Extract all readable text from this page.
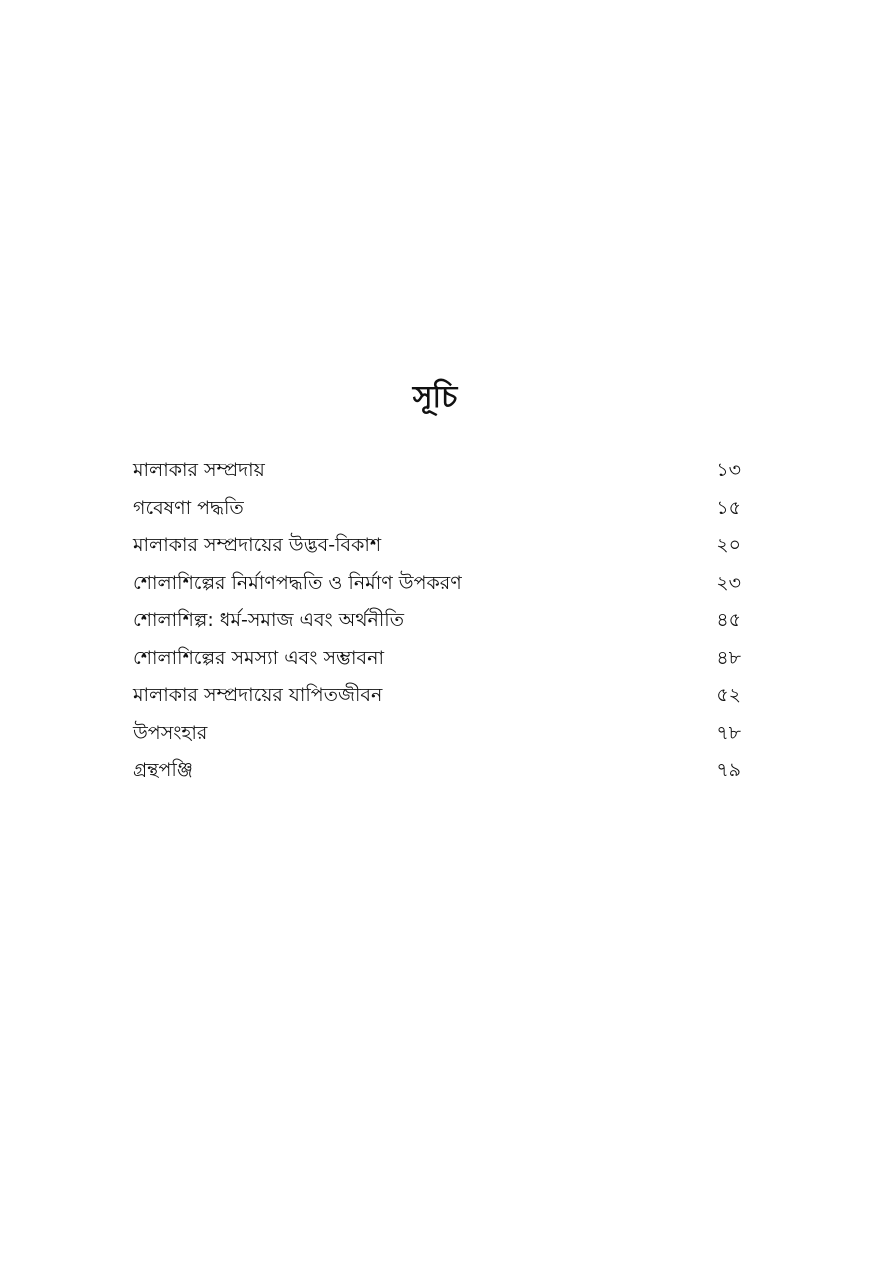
সূচি
মালাকার সম্প্রদায়	১৩
গবেষণা পদ্ধতি	১৫
মালাকার সম্প্রদায়ের উদ্ভব-বিকাশ	২০
শোলাশিল্পের নির্মাণপদ্ধতি ও নির্মাণ উপকরণ	২৩
শোলাশিল্প: ধর্ম-সমাজ এবং অর্থনীতি	৪৫
শোলাশিল্পের সমস্যা এবং সম্ভাবনা	৪৮
মালাকার সম্প্রদায়ের যাপিতজীবন	৫২
উপসংহার	৭৮
গ্রন্থপঞ্জি	৭৯
